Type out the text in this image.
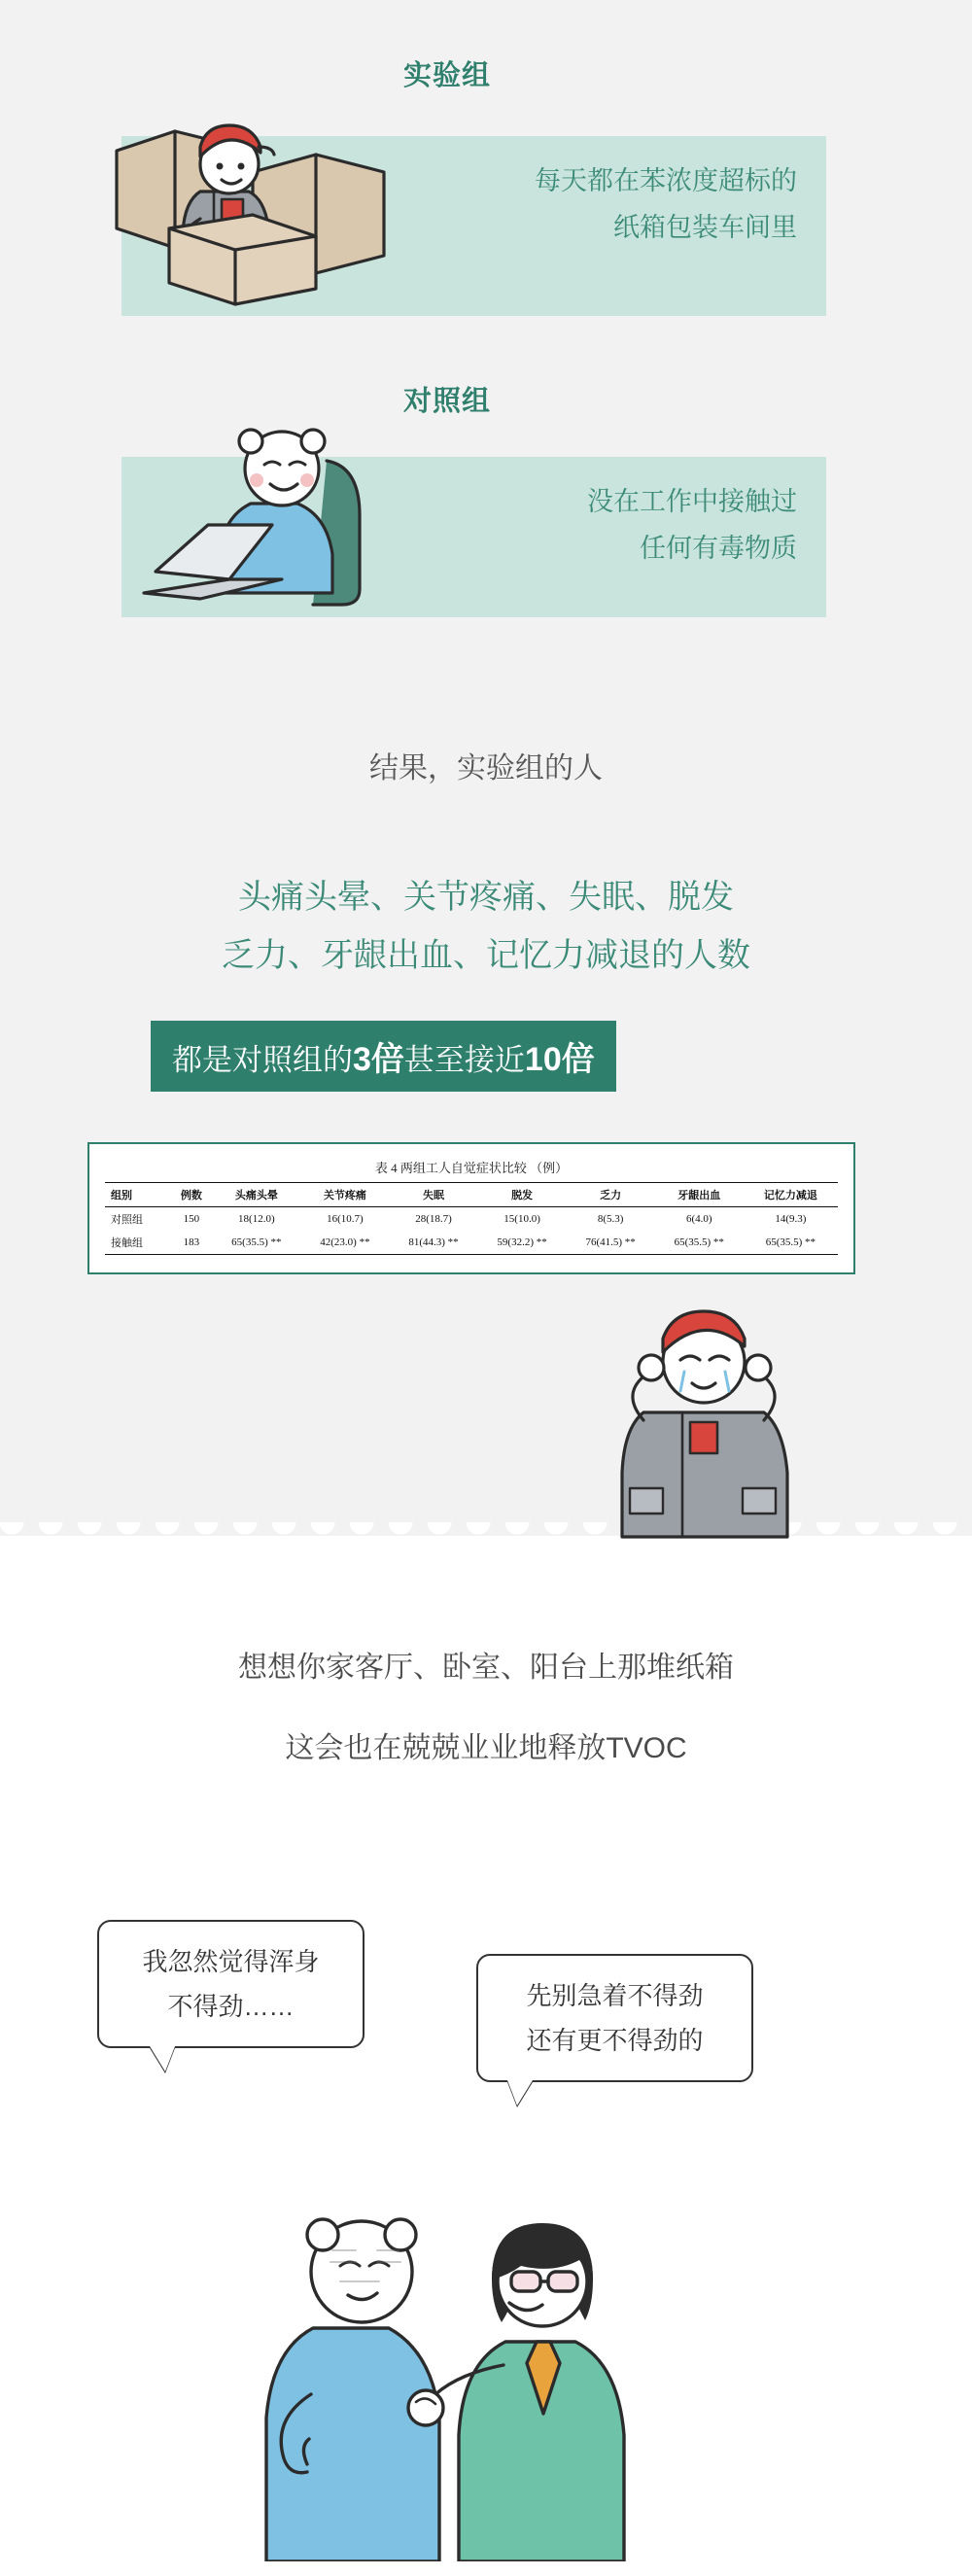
实验组
每天都在苯浓度超标的
纸箱包装车间里
对照组
没在工作中接触过
任何有毒物质
结果，实验组的人
头痛头晕、关节疼痛、失眠、脱发
乏力、牙龈出血、记忆力减退的人数
都是对照组的3倍甚至接近10倍
表 4 两组工人自觉症状比较 （例）
组别	例数	头痛头晕	关节疼痛	失眠	脱发	乏力	牙龈出血	记忆力减退
对照组	150	18(12.0)	16(10.7)	28(18.7)	15(10.0)	8(5.3)	6(4.0)	14(9.3)
接触组	183	65(35.5) **	42(23.0) **	81(44.3) **	59(32.2) **	76(41.5) **	65(35.5) **	65(35.5) **
想想你家客厅、卧室、阳台上那堆纸箱
这会也在兢兢业业地释放TVOC
我忽然觉得浑身
不得劲……	先别急着不得劲
还有更不得劲的
